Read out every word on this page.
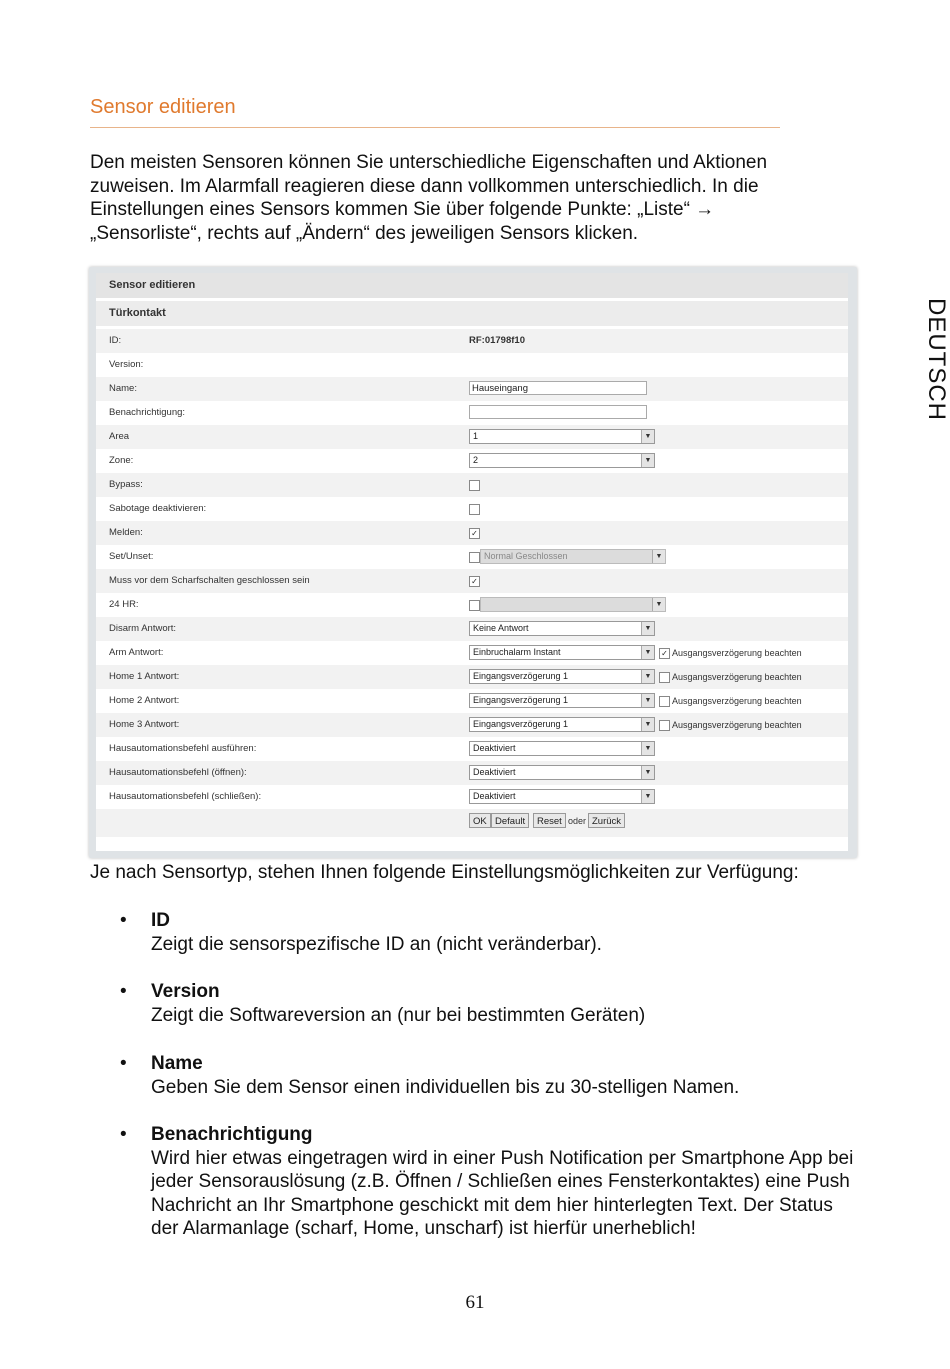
Sensor editieren
Den meisten Sensoren können Sie unterschiedliche Eigenschaften und Aktionen zuweisen. Im Alarmfall reagieren diese dann vollkommen unterschiedlich. In die Einstellungen eines Sensors kommen Sie über folgende Punkte: „Liste“ → „Sensorliste“, rechts auf „Ändern“ des jeweiligen Sensors klicken.
DEUTSCH
Sensor editieren
Türkontakt
ID:	RF:01798f10
Version:
Name:	Hauseingang
Benachrichtigung:
Area	1	▼
Zone:	2	▼
Bypass:
Sabotage deaktivieren:
Melden:	✓
Set/Unset:	Normal Geschlossen	▼
Muss vor dem Scharfschalten geschlossen sein	✓
24 HR:	▼
Disarm Antwort:	Keine Antwort	▼
Arm Antwort:	Einbruchalarm Instant	▼	✓ Ausgangsverzögerung beachten
Home 1 Antwort:	Eingangsverzögerung 1	▼ Ausgangsverzögerung beachten
Home 2 Antwort:	Eingangsverzögerung 1	▼ Ausgangsverzögerung beachten
Home 3 Antwort:	Eingangsverzögerung 1	▼ Ausgangsverzögerung beachten
Hausautomationsbefehl ausführen:	Deaktiviert	▼
Hausautomationsbefehl (öffnen):	Deaktiviert	▼
Hausautomationsbefehl (schließen):	Deaktiviert	▼
OK Default	Reset oder Zurück
Je nach Sensortyp, stehen Ihnen folgende Einstellungsmöglichkeiten zur Verfügung:
• ID
Zeigt die sensorspezifische ID an (nicht veränderbar).
• Version
Zeigt die Softwareversion an (nur bei bestimmten Geräten)
• Name
Geben Sie dem Sensor einen individuellen bis zu 30-stelligen Namen.
• Benachrichtigung
Wird hier etwas eingetragen wird in einer Push Notification per Smartphone App bei jeder Sensorauslösung (z.B. Öffnen / Schließen eines Fensterkontaktes) eine Push Nachricht an Ihr Smartphone geschickt mit dem hier hinterlegten Text. Der Status der Alarmanlage (scharf, Home, unscharf) ist hierfür unerheblich!
61
